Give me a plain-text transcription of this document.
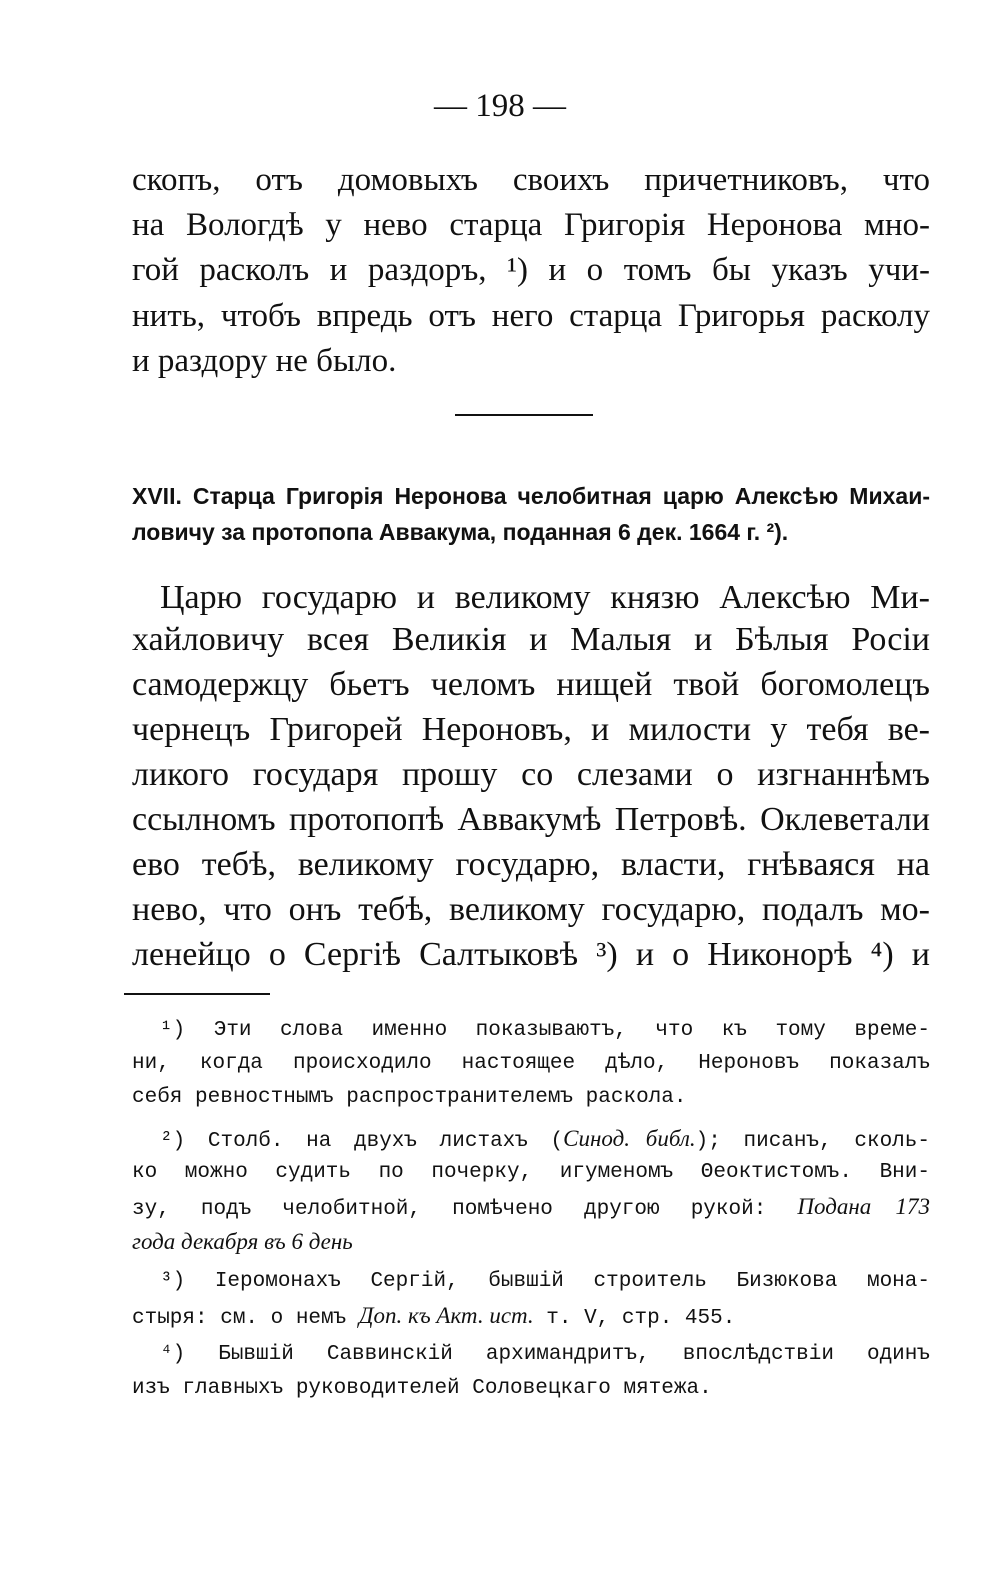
— 198 —
скопъ, отъ домовыхъ своихъ причетниковъ, что
на Вологдѣ у нево старца Григорія Неронова мно-
гой расколъ и раздоръ, ¹) и о томъ бы указъ учи-
нить, чтобъ впредь отъ него старца Григорья расколу
и раздору не было.
XVII. Старца Григорія Неронова челобитная царю Алексѣю Михаи-
ловичу за протопопа Аввакума, поданная 6 дек. 1664 г. ²).
Царю государю и великому князю Алексѣю Ми-
хайловичу всея Великія и Малыя и Бѣлыя Росіи
самодержцу бьетъ челомъ нищей твой богомолецъ
чернецъ Григорей Нероновъ, и милости у тебя ве-
ликого государя прошу со слезами о изгнаннѣмъ
ссылномъ протопопѣ Аввакумѣ Петровѣ. Оклеветали
ево тебѣ, великому государю, власти, гнѣваяся на
нево, что онъ тебѣ, великому государю, подалъ мо-
ленейцо о Сергіѣ Салтыковѣ ³) и о Никонорѣ ⁴) и
¹) Эти слова именно показываютъ, что къ тому време-
ни, когда происходило настоящее дѣло, Нероновъ показалъ
себя ревностнымъ распространителемъ раскола.
²) Столб. на двухъ листахъ (Синод. библ.); писанъ, сколь-
ко можно судить по почерку, игуменомъ Θеоктистомъ. Вни-
зу, подъ челобитной, помѣчено другою рукой: Подана 173
года декабря въ 6 день
³) Іеромонахъ Сергій, бывшій строитель Бизюкова мона-
стыря: см. о немъ Доп. къ Акт. ист. т. V, стр. 455.
⁴) Бывшій Саввинскій архимандритъ, впослѣдствіи одинъ
изъ главныхъ руководителей Соловецкаго мятежа.
